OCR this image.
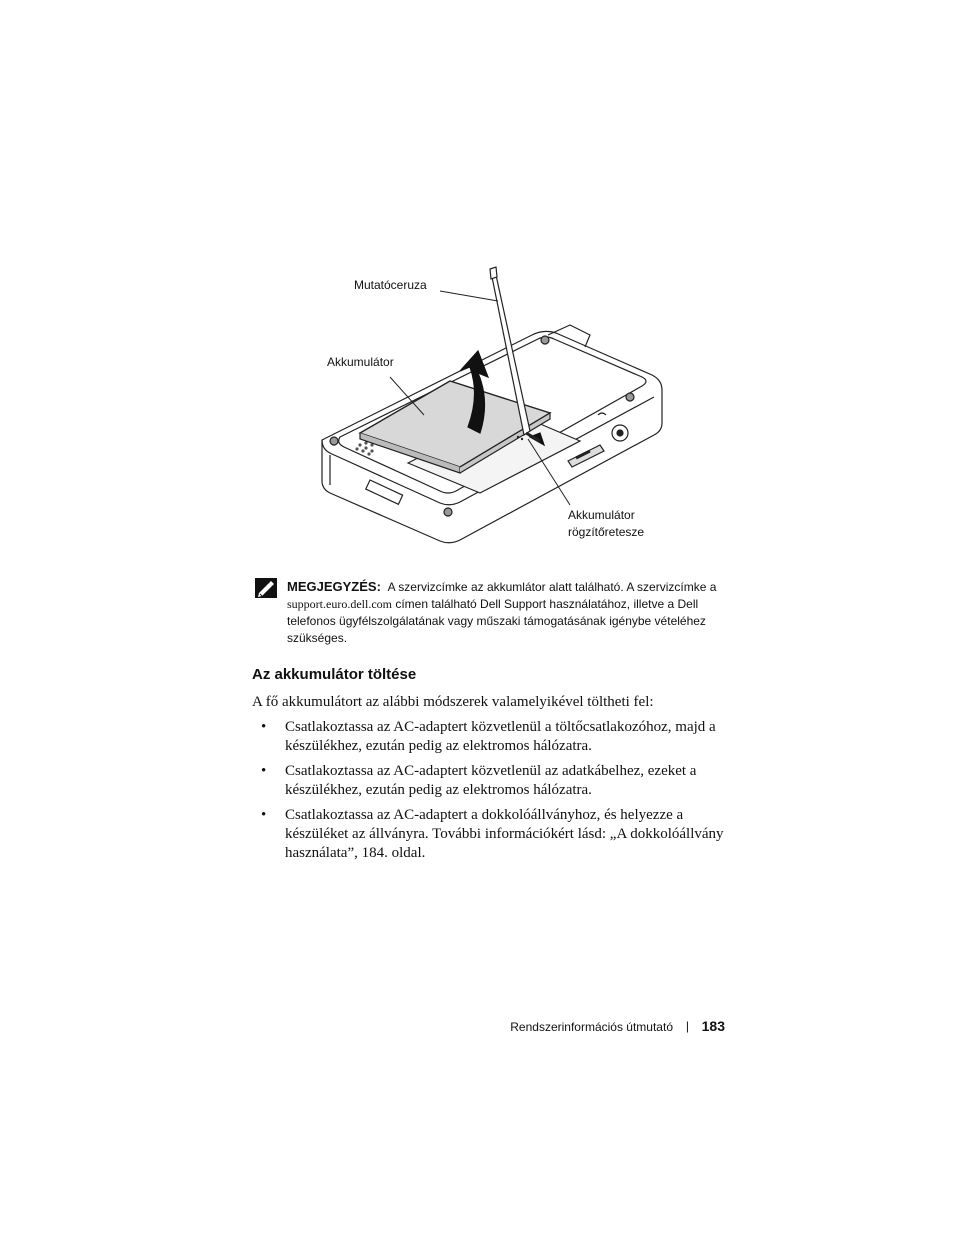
Mutatóceruza
Akkumulátor
Akkumulátor
rögzítőretesze
MEGJEGYZÉS: A szervizcímke az akkumlátor alatt található. A szervizcímke a
support.euro.dell.com címen található Dell Support használatához, illetve a Dell telefonos ügyfélszolgálatának vagy műszaki támogatásának igénybe vételéhez szükséges.
Az akkumulátor töltése
A fő akkumulátort az alábbi módszerek valamelyikével töltheti fel:
• Csatlakoztassa az AC-adaptert közvetlenül a töltőcsatlakozóhoz, majd a készülékhez, ezután pedig az elektromos hálózatra.
• Csatlakoztassa az AC-adaptert közvetlenül az adatkábelhez, ezeket a készülékhez, ezután pedig az elektromos hálózatra.
• Csatlakoztassa az AC-adaptert a dokkolóállványhoz, és helyezze a készüléket az állványra. További információkért lásd: „A dokkolóállvány használata”, 184. oldal.
Rendszerinformációs útmutató | 183
